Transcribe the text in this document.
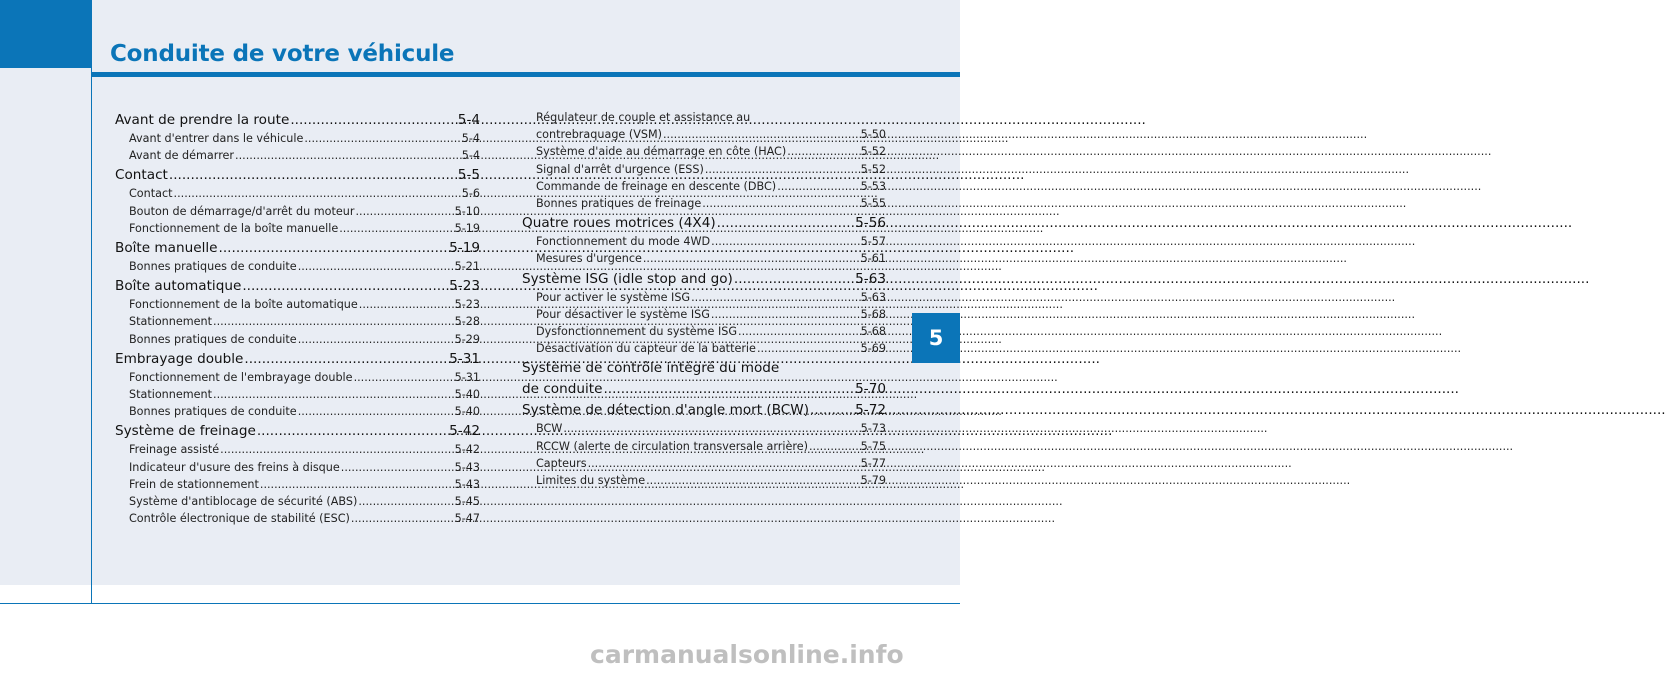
Conduite de votre véhicule
Avant de prendre la route .....	5-4
Avant d'entrer dans le véhicule .....	5-4
Avant de démarrer .....	5-4
Contact .....	5-5
Contact .....	5-6
Bouton de démarrage/d'arrêt du moteur .....	5-10
Fonctionnement de la boîte manuelle .....	5-19
Boîte manuelle .....	5-19
Bonnes pratiques de conduite .....	5-21
Boîte automatique .....	5-23
Fonctionnement de la boîte automatique .....	5-23
Stationnement .....	5-28
Bonnes pratiques de conduite .....	5-29
Embrayage double .....	5-31
Fonctionnement de l'embrayage double .....	5-31
Stationnement .....	5-40
Bonnes pratiques de conduite .....	5-40
Système de freinage .....	5-42
Freinage assisté .....	5-42
Indicateur d'usure des freins à disque .....	5-43
Frein de stationnement .....	5-43
Système d'antiblocage de sécurité (ABS) .....	5-45
Contrôle électronique de stabilité (ESC) .....	5-47
Régulateur de couple et assistance au
contrebraquage (VSM) .....	5-50
Système d'aide au démarrage en côte (HAC) .....	5-52
Signal d'arrêt d'urgence (ESS) .....	5-52
Commande de freinage en descente (DBC) .....	5-53
Bonnes pratiques de freinage .....	5-55
Quatre roues motrices (4X4) .....	5-56
Fonctionnement du mode 4WD .....	5-57
Mesures d'urgence .....	5-61
Système ISG (idle stop and go) .....	5-63
Pour activer le système ISG .....	5-63
Pour désactiver le système ISG .....	5-68
Dysfonctionnement du système ISG .....	5-68
Désactivation du capteur de la batterie .....	5-69
Système de contrôle intégré du mode
de conduite .....	5-70
Système de détection d'angle mort (BCW) .....	5-72
BCW .....	5-73
RCCW (alerte de circulation transversale arrière) .....	5-75
Capteurs .....	5-77
Limites du système .....	5-79
5
carmanualsonline.info
